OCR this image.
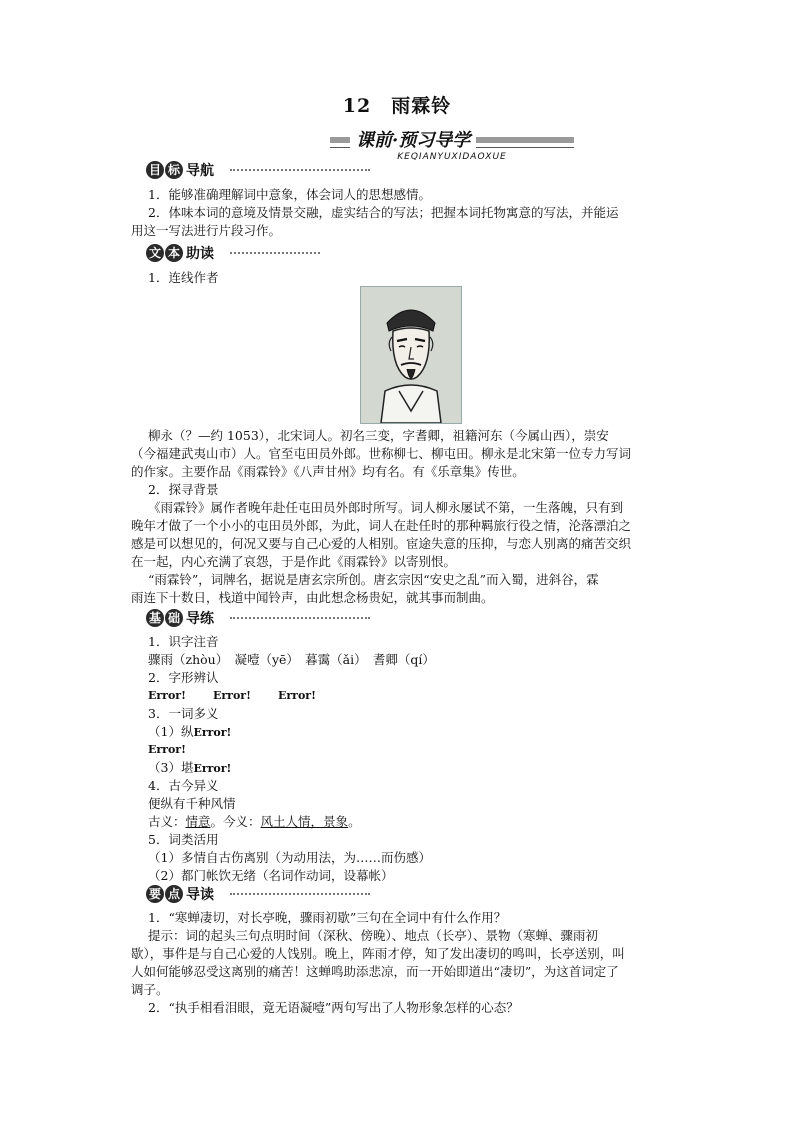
12　雨霖铃
课前·预习导学
KEQIANYUXIDAOXUE
目 标 导航
1．能够准确理解词中意象，体会词人的思想感情。
2．体味本词的意境及情景交融，虚实结合的写法；把握本词托物寓意的写法，并能运
用这一写法进行片段习作。
文 本 助读
1．连线作者
柳永（？—约 1053），北宋词人。初名三变，字耆卿，祖籍河东（今属山西），崇安
（今福建武夷山市）人。官至屯田员外郎。世称柳七、柳屯田。柳永是北宋第一位专力写词
的作家。主要作品《雨霖铃》《八声甘州》均有名。有《乐章集》传世。
2．探寻背景
《雨霖铃》属作者晚年赴任屯田员外郎时所写。词人柳永屡试不第，一生落魄，只有到
晚年才做了一个小小的屯田员外郎，为此，词人在赴任时的那种羁旅行役之情，沦落漂泊之
感是可以想见的，何况又要与自己心爱的人相别。宦途失意的压抑，与恋人别离的痛苦交织
在一起，内心充满了哀怨，于是作此《雨霖铃》以寄别恨。
“雨霖铃”，词牌名，据说是唐玄宗所创。唐玄宗因“安史之乱”而入蜀，进斜谷，霖
雨连下十数日，栈道中闻铃声，由此想念杨贵妃，就其事而制曲。
基 础 导练
1．识字注音
骤雨（zhòu）　凝噎（yē）　暮霭（ǎi）　耆卿（qí）
2．字形辨认
Error! Error! Error!
3．一词多义
（1）纵Error!
Error!
（3）堪Error!
4．古今异义
便纵有千种风情
古义：情意。今义：风土人情，景象。
5．词类活用
（1）多情自古伤离别（为动用法，为……而伤感）
（2）都门帐饮无绪（名词作动词，设幕帐）
要 点 导读
1．“寒蝉凄切，对长亭晚，骤雨初歇”三句在全词中有什么作用？
提示：词的起头三句点明时间（深秋、傍晚）、地点（长亭）、景物（寒蝉、骤雨初
歇），事件是与自己心爱的人饯别。晚上，阵雨才停，知了发出凄切的鸣叫，长亭送别，叫
人如何能够忍受这离别的痛苦！这蝉鸣助添悲凉，而一开始即道出“凄切”，为这首词定了
调子。
2．“执手相看泪眼，竟无语凝噎”两句写出了人物形象怎样的心态？
